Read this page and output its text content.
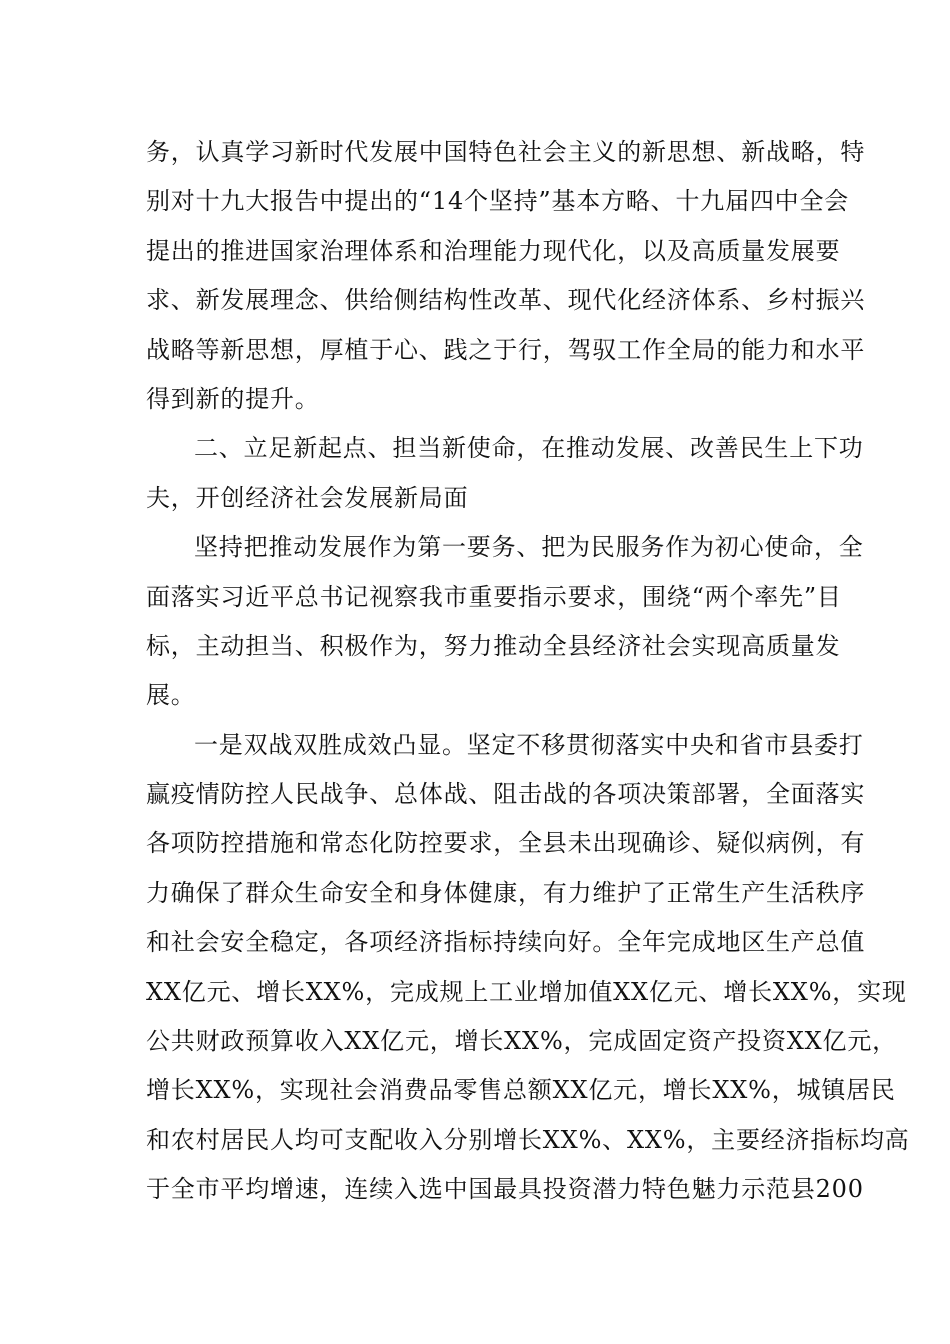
务，认真学习新时代发展中国特色社会主义的新思想、新战略，特
别对十九大报告中提出的“14个坚持”基本方略、十九届四中全会
提出的推进国家治理体系和治理能力现代化，以及高质量发展要
求、新发展理念、供给侧结构性改革、现代化经济体系、乡村振兴
战略等新思想，厚植于心、践之于行，驾驭工作全局的能力和水平
得到新的提升。
二、立足新起点、担当新使命，在推动发展、改善民生上下功
夫，开创经济社会发展新局面
坚持把推动发展作为第一要务、把为民服务作为初心使命，全
面落实习近平总书记视察我市重要指示要求，围绕“两个率先”目
标，主动担当、积极作为，努力推动全县经济社会实现高质量发
展。
一是双战双胜成效凸显。坚定不移贯彻落实中央和省市县委打
赢疫情防控人民战争、总体战、阻击战的各项决策部署，全面落实
各项防控措施和常态化防控要求，全县未出现确诊、疑似病例，有
力确保了群众生命安全和身体健康，有力维护了正常生产生活秩序
和社会安全稳定，各项经济指标持续向好。全年完成地区生产总值
XX亿元、增长XX%，完成规上工业增加值XX亿元、增长XX%，实现
公共财政预算收入XX亿元，增长XX%，完成固定资产投资XX亿元，
增长XX%，实现社会消费品零售总额XX亿元，增长XX%，城镇居民
和农村居民人均可支配收入分别增长XX%、XX%，主要经济指标均高
于全市平均增速，连续入选中国最具投资潜力特色魅力示范县200
